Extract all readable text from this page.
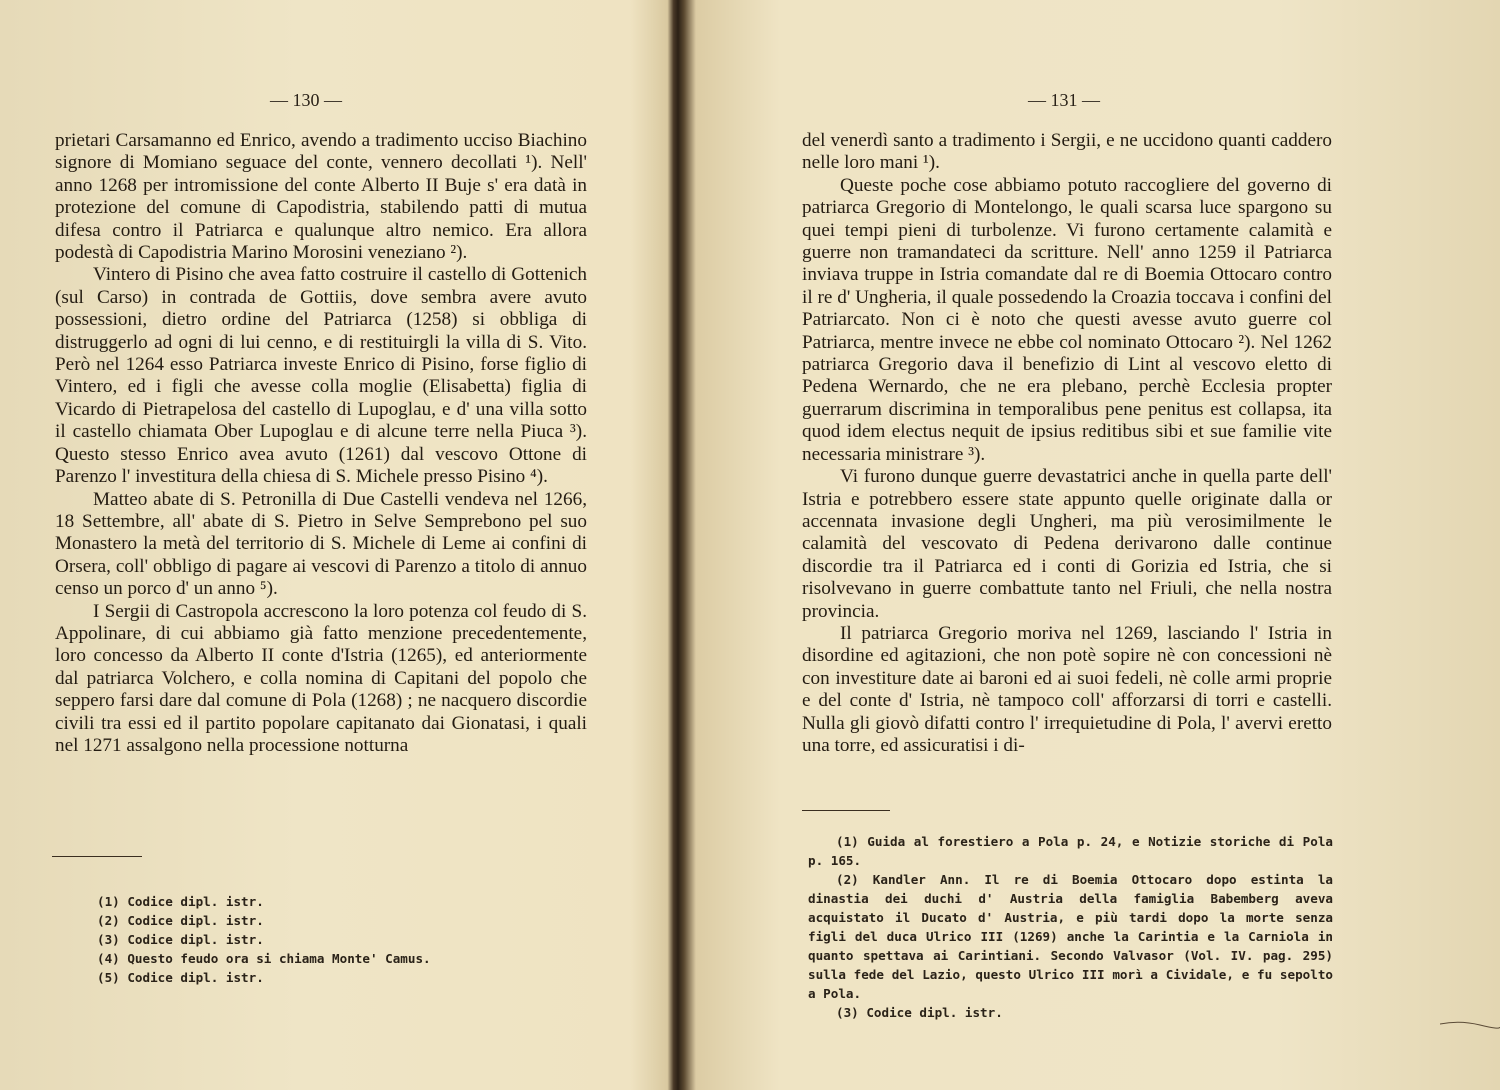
— 130 —

prietari Carsamanno ed Enrico, avendo a tradimento ucciso Biachino signore di Momiano seguace del conte, vennero decollati ¹). Nell' anno 1268 per intromissione del conte Alberto II Buje s' era datà in protezione del comune di Capodistria, stabilendo patti di mutua difesa contro il Patriarca e qualunque altro nemico. Era allora podestà di Capodistria Marino Morosini veneziano ²).

Vintero di Pisino che avea fatto costruire il castello di Gottenich (sul Carso) in contrada de Gottiis, dove sembra avere avuto possessioni, dietro ordine del Patriarca (1258) si obbliga di distruggerlo ad ogni di lui cenno, e di restituirgli la villa di S. Vito. Però nel 1264 esso Patriarca investe Enrico di Pisino, forse figlio di Vintero, ed i figli che avesse colla moglie (Elisabetta) figlia di Vicardo di Pietrapelosa del castello di Lupoglau, e d' una villa sotto il castello chiamata Ober Lupoglau e di alcune terre nella Piuca ³). Questo stesso Enrico avea avuto (1261) dal vescovo Ottone di Parenzo l' investitura della chiesa di S. Michele presso Pisino ⁴).

Matteo abate di S. Petronilla di Due Castelli vendeva nel 1266, 18 Settembre, all' abate di S. Pietro in Selve Semprebono pel suo Monastero la metà del territorio di S. Michele di Leme ai confini di Orsera, coll' obbligo di pagare ai vescovi di Parenzo a titolo di annuo censo un porco d' un anno ⁵).

I Sergii di Castropola accrescono la loro potenza col feudo di S. Appolinare, di cui abbiamo già fatto menzione precedentemente, loro concesso da Alberto II conte d'Istria (1265), ed anteriormente dal patriarca Volchero, e colla nomina di Capitani del popolo che seppero farsi dare dal comune di Pola (1268) ; ne nacquero discordie civili tra essi ed il partito popolare capitanato dai Gionatasi, i quali nel 1271 assalgono nella processione notturna

(1) Codice dipl. istr.

(2) Codice dipl. istr.

(3) Codice dipl. istr.

(4) Questo feudo ora si chiama Monte' Camus.

(5) Codice dipl. istr.

— 131 —

del venerdì santo a tradimento i Sergii, e ne uccidono quanti caddero nelle loro mani ¹).

Queste poche cose abbiamo potuto raccogliere del governo di patriarca Gregorio di Montelongo, le quali scarsa luce spargono su quei tempi pieni di turbolenze. Vi furono certamente calamità e guerre non tramandateci da scritture. Nell' anno 1259 il Patriarca inviava truppe in Istria comandate dal re di Boemia Ottocaro contro il re d' Ungheria, il quale possedendo la Croazia toccava i confini del Patriarcato. Non ci è noto che questi avesse avuto guerre col Patriarca, mentre invece ne ebbe col nominato Ottocaro ²). Nel 1262 patriarca Gregorio dava il benefizio di Lint al vescovo eletto di Pedena Wernardo, che ne era plebano, perchè Ecclesia propter guerrarum discrimina in temporalibus pene penitus est collapsa, ita quod idem electus nequit de ipsius reditibus sibi et sue familie vite necessaria ministrare ³).

Vi furono dunque guerre devastatrici anche in quella parte dell' Istria e potrebbero essere state appunto quelle originate dalla or accennata invasione degli Ungheri, ma più verosimilmente le calamità del vescovato di Pedena derivarono dalle continue discordie tra il Patriarca ed i conti di Gorizia ed Istria, che si risolvevano in guerre combattute tanto nel Friuli, che nella nostra provincia.

Il patriarca Gregorio moriva nel 1269, lasciando l' Istria in disordine ed agitazioni, che non potè sopire nè con concessioni nè con investiture date ai baroni ed ai suoi fedeli, nè colle armi proprie e del conte d' Istria, nè tampoco coll' afforzarsi di torri e castelli. Nulla gli giovò difatti contro l' irrequietudine di Pola, l' avervi eretto una torre, ed assicuratisi i di-

(1) Guida al forestiero a Pola p. 24, e Notizie storiche di Pola p. 165.

(2) Kandler Ann. Il re di Boemia Ottocaro dopo estinta la dinastia dei duchi d' Austria della famiglia Babemberg aveva acquistato il Ducato d' Austria, e più tardi dopo la morte senza figli del duca Ulrico III (1269) anche la Carintia e la Carniola in quanto spettava ai Carintiani. Secondo Valvasor (Vol. IV. pag. 295) sulla fede del Lazio, questo Ulrico III morì a Cividale, e fu sepolto a Pola.

(3) Codice dipl. istr.
